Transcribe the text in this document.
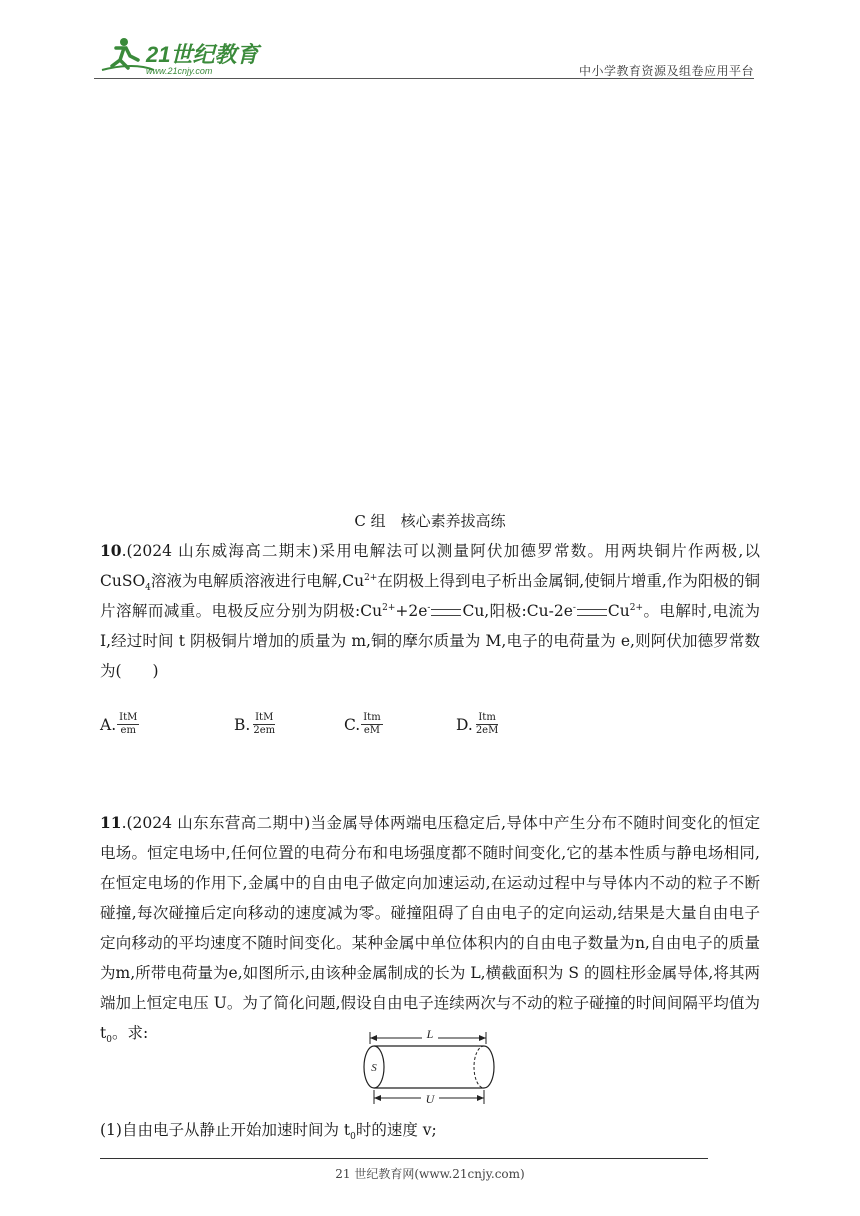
21世纪教育
www.21cnjy.com	中小学教育资源及组卷应用平台
C 组　核心素养拔高练
10.(2024 山东威海高二期末)采用电解法可以测量阿伏加德罗常数。用两块铜片作两极,以 CuSO$_4$溶液为电解质溶液进行电解$,Cu^{2+}$在阴极上得到电子析出金属铜,使铜片增重,作为阳极的铜片溶解而减重。电极反应分别为阴极$:Cu^{2+}+2e^-$ Cu,阳极:Cu-2e- $Cu^{2+}$。电解时,电流为 I,经过时间 t 阴极铜片增加的质量为 m,铜的摩尔质量为 M,电子的电荷量为 e,则阿伏加德罗常数为(　　)
A. $\frac{\text{ItM}}{em}$	B. $\frac{\text{ItM}}{2em}$	C. $\frac{\text{Itm}}{eM}$	D. $\frac{\text{Itm}}{2eM}$
11.(2024 山东东营高二期中)当金属导体两端电压稳定后,导体中产生分布不随时间变化的恒定电场。恒定电场中,任何位置的电荷分布和电场强度都不随时间变化,它的基本性质与静电场相同,在恒定电场的作用下,金属中的自由电子做定向加速运动,在运动过程中与导体内不动的粒子不断碰撞,每次碰撞后定向移动的速度减为零。碰撞阻碍了自由电子的定向运动,结果是大量自由电子定向移动的平均速度不随时间变化。某种金属中单位体积内的自由电子数量为n,自由电子的质量为m,所带电荷量为e,如图所示,由该种金属制成的长为 L,横截面积为 S 的圆柱形金属导体,将其两端加上恒定电压 U。为了简化问题,假设自由电子连续两次与不动的粒子碰撞的时间间隔平均值为 $t_0$。求:	L
S
U
(1)自由电子从静止开始加速时间为 $t_0$时的速度 v;
21 世纪教育网(www.21cnjy.com)
